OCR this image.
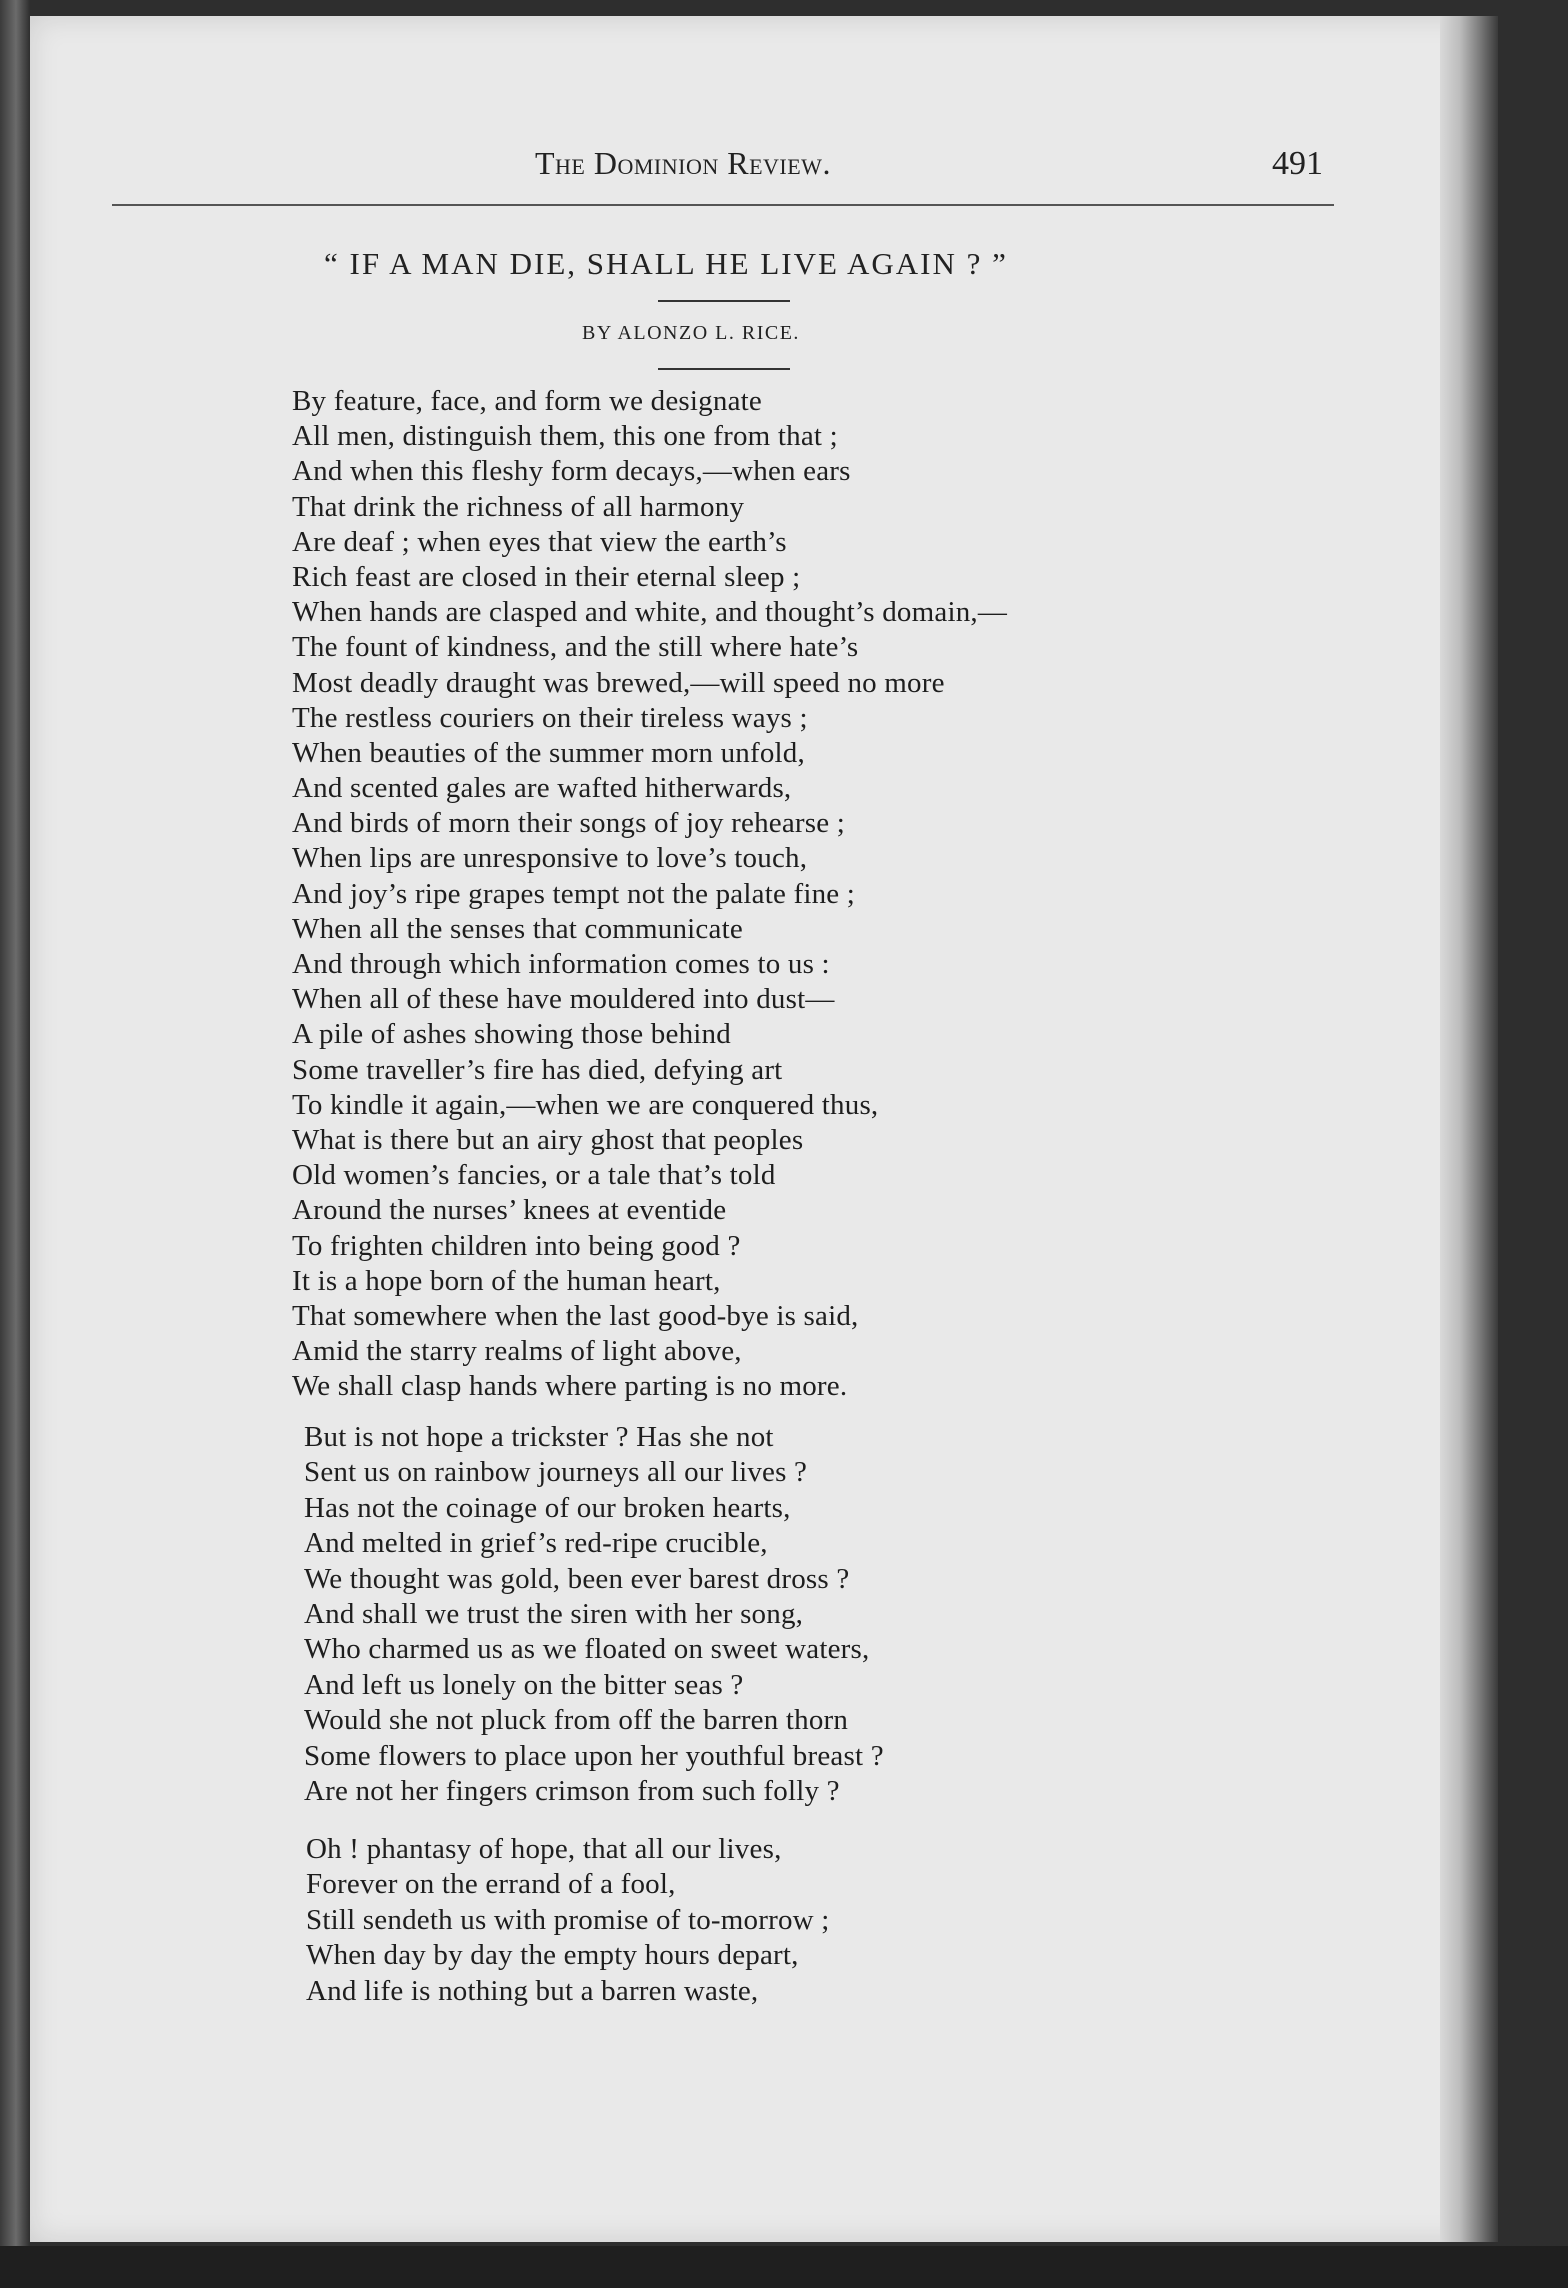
The Dominion Review.	491
“ IF A MAN DIE, SHALL HE LIVE AGAIN ? ”
BY ALONZO L. RICE.
By feature, face, and form we designate
All men, distinguish them, this one from that ;
And when this fleshy form decays,—when ears
That drink the richness of all harmony
Are deaf ; when eyes that view the earth’s
Rich feast are closed in their eternal sleep ;
When hands are clasped and white, and thought’s domain,—
The fount of kindness, and the still where hate’s
Most deadly draught was brewed,—will speed no more
The restless couriers on their tireless ways ;
When beauties of the summer morn unfold,
And scented gales are wafted hitherwards,
And birds of morn their songs of joy rehearse ;
When lips are unresponsive to love’s touch,
And joy’s ripe grapes tempt not the palate fine ;
When all the senses that communicate
And through which information comes to us :
When all of these have mouldered into dust—
A pile of ashes showing those behind
Some traveller’s fire has died, defying art
To kindle it again,—when we are conquered thus,
What is there but an airy ghost that peoples
Old women’s fancies, or a tale that’s told
Around the nurses’ knees at eventide
To frighten children into being good ?
It is a hope born of the human heart,
That somewhere when the last good-bye is said,
Amid the starry realms of light above,
We shall clasp hands where parting is no more.
But is not hope a trickster ? Has she not
Sent us on rainbow journeys all our lives ?
Has not the coinage of our broken hearts,
And melted in grief’s red-ripe crucible,
We thought was gold, been ever barest dross ?
And shall we trust the siren with her song,
Who charmed us as we floated on sweet waters,
And left us lonely on the bitter seas ?
Would she not pluck from off the barren thorn
Some flowers to place upon her youthful breast ?
Are not her fingers crimson from such folly ?
Oh ! phantasy of hope, that all our lives,
Forever on the errand of a fool,
Still sendeth us with promise of to-morrow ;
When day by day the empty hours depart,
And life is nothing but a barren waste,
